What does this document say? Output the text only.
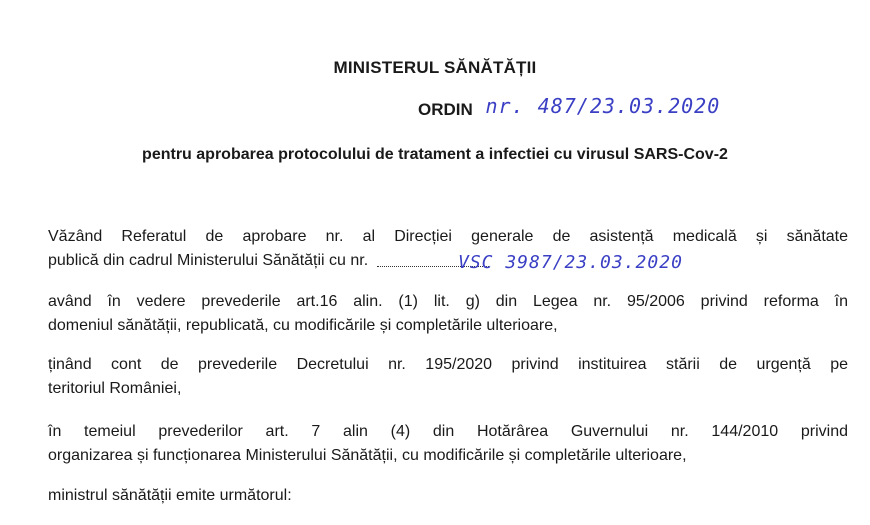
MINISTERUL SĂNĂTĂȚII
ORDIN nr. 487/23.03.2020
pentru aprobarea protocolului de tratament a infectiei cu virusul SARS-Cov-2
Văzând Referatul de aprobare nr. al Direcției generale de asistență medicală și sănătate
publică din cadrul Ministerului Sănătății cu nr.	VSC 3987/23.03.2020
având în vedere prevederile art.16 alin. (1) lit. g) din Legea nr. 95/2006 privind reforma în
domeniul sănătății, republicată, cu modificările și completările ulterioare,
ținând cont de prevederile Decretului nr. 195/2020 privind instituirea stării de urgență pe
teritoriul României,
în temeiul prevederilor art. 7 alin (4) din Hotărârea Guvernului nr. 144/2010 privind
organizarea și funcționarea Ministerului Sănătății, cu modificările și completările ulterioare,
ministrul sănătății emite următorul:
